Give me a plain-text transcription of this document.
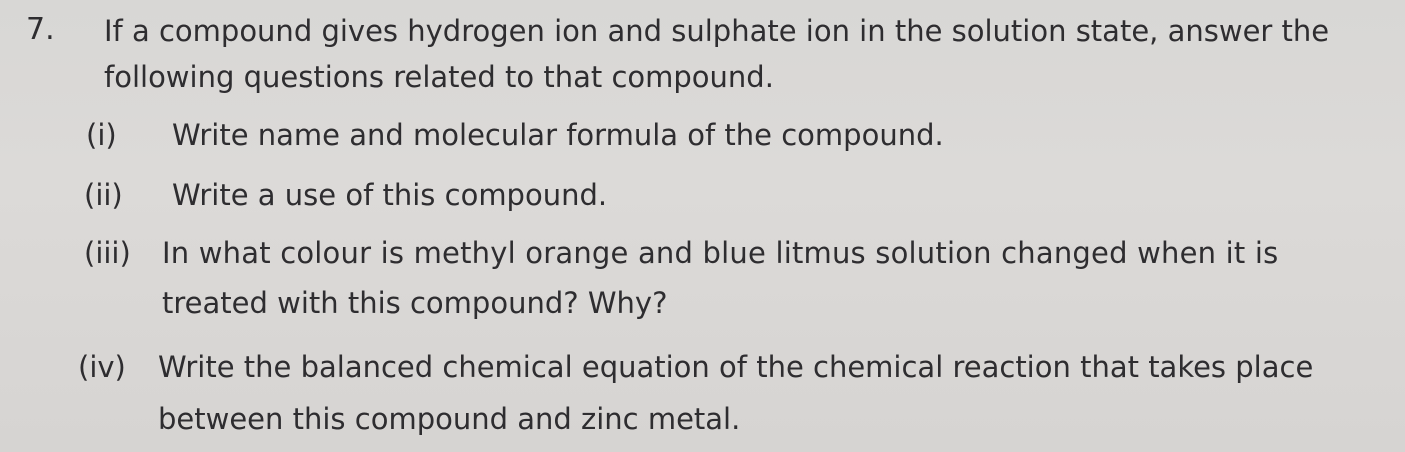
7. If a compound gives hydrogen ion and sulphate ion in the solution state, answer the
following questions related to that compound.
(i) Write name and molecular formula of the compound.
(ii) Write a use of this compound.
(iii) In what colour is methyl orange and blue litmus solution changed when it is
treated with this compound? Why?
(iv) Write the balanced chemical equation of the chemical reaction that takes place
between this compound and zinc metal.
